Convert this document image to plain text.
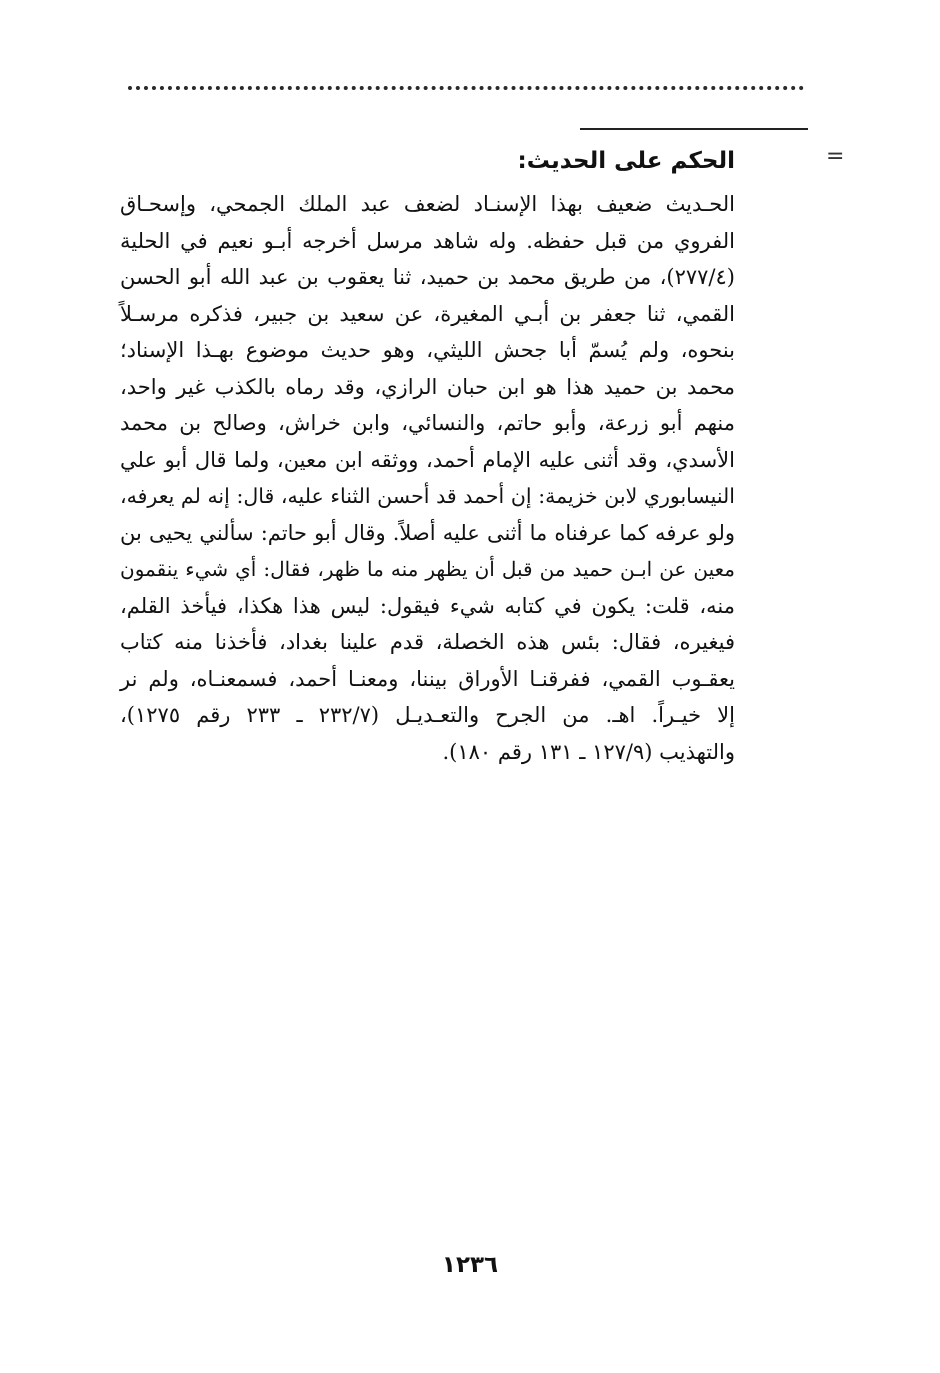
=
الحكم على الحديث:
الحـديث ضعيف بهذا الإسنـاد لضعف عبد الملك الجمحي، وإسحـاق
الفروي من قبل حفظه. وله شاهد مرسل أخرجه أبـو نعيم في الحلية
(٢٧٧/٤)، من طريق محمد بن حميد، ثنا يعقوب بن عبد الله أبو الحسن
القمي، ثنا جعفر بن أبـي المغيرة، عن سعيد بن جبير، فذكره مرسـلاً
بنحوه، ولم يُسمّ أبا جحش الليثي، وهو حديث موضوع بهـذا الإسناد؛
محمد بن حميد هذا هو ابن حبان الرازي، وقد رماه بالكذب غير واحد،
منهم أبو زرعة، وأبو حاتم، والنسائي، وابن خراش، وصالح بن محمد
الأسدي، وقد أثنى عليه الإمام أحمد، ووثقه ابن معين، ولما قال أبو علي
النيسابوري لابن خزيمة: إن أحمد قد أحسن الثناء عليه، قال: إنه لم يعرفه،
ولو عرفه كما عرفناه ما أثنى عليه أصلاً. وقال أبو حاتم: سألني يحيى بن
معين عن ابـن حميد من قبل أن يظهر منه ما ظهر، فقال: أي شيء ينقمون
منه، قلت: يكون في كتابه شيء فيقول: ليس هذا هكذا، فيأخذ القلم،
فيغيره، فقال: بئس هذه الخصلة، قدم علينا بغداد، فأخذنا منه كتاب
يعقـوب القمي، ففرقنـا الأوراق بيننا، ومعنـا أحمد، فسمعنـاه، ولم نر
إلا خيـراً. اهـ. من الجرح والتعـديـل (٢٣٢/٧ ـ ٢٣٣ رقم ١٢٧٥)،
والتهذيب (١٢٧/٩ ـ ١٣١ رقم ١٨٠).
١٢٣٦
